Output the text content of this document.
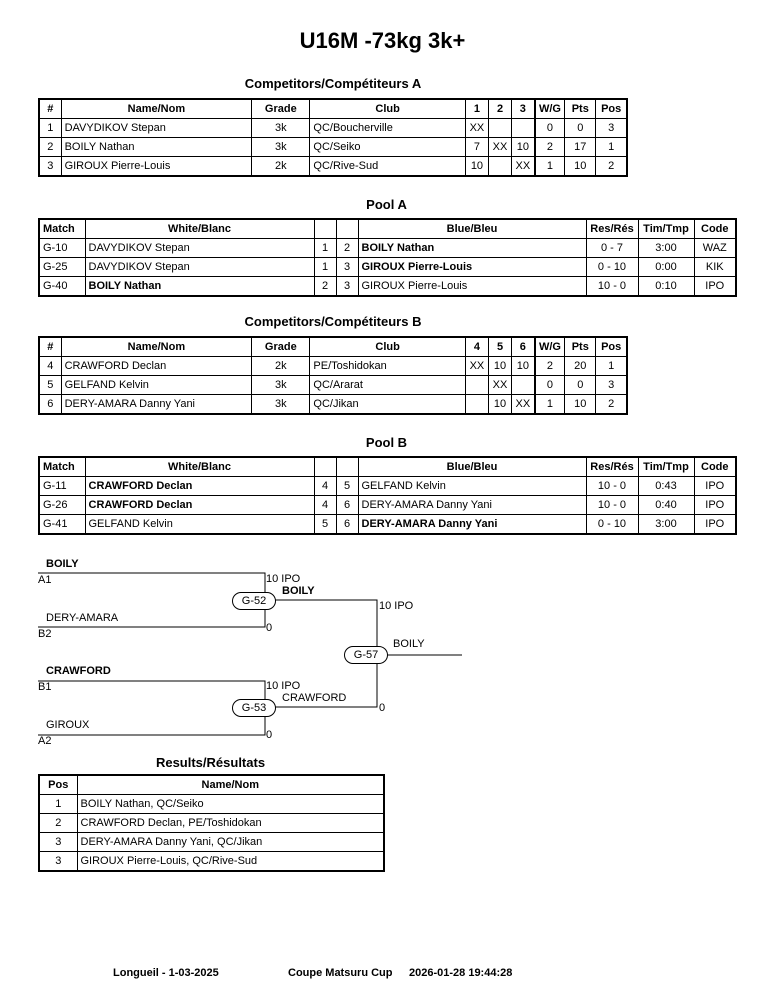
U16M -73kg 3k+
Competitors/Compétiteurs A
#	Name/Nom	Grade	Club	1	2	3	W/G	Pts	Pos
1	DAVYDIKOV Stepan	3k	QC/Boucherville	XX			0	0	3
2	BOILY Nathan	3k	QC/Seiko	7	XX	10	2	17	1
3	GIROUX Pierre-Louis	2k	QC/Rive-Sud	10		XX	1	10	2
Pool A
Match	White/Blanc			Blue/Bleu	Res/Rés	Tim/Tmp	Code
G-10	DAVYDIKOV Stepan	1	2	BOILY Nathan	0 - 7	3:00	WAZ
G-25	DAVYDIKOV Stepan	1	3	GIROUX Pierre-Louis	0 - 10	0:00	KIK
G-40	BOILY Nathan	2	3	GIROUX Pierre-Louis	10 - 0	0:10	IPO
Competitors/Compétiteurs B
#	Name/Nom	Grade	Club	4	5	6	W/G	Pts	Pos
4	CRAWFORD Declan	2k	PE/Toshidokan	XX	10	10	2	20	1
5	GELFAND Kelvin	3k	QC/Ararat		XX		0	0	3
6	DERY-AMARA Danny Yani	3k	QC/Jikan		10	XX	1	10	2
Pool B
Match	White/Blanc			Blue/Bleu	Res/Rés	Tim/Tmp	Code
G-11	CRAWFORD Declan	4	5	GELFAND Kelvin	10 - 0	0:43	IPO
G-26	CRAWFORD Declan	4	6	DERY-AMARA Danny Yani	10 - 0	0:40	IPO
G-41	GELFAND Kelvin	5	6	DERY-AMARA Danny Yani	0 - 10	3:00	IPO
BOILY
A1	10 IPO
BOILY
G-52
DERY-AMARA
B2	0
10 IPO
G-57
BOILY
0
CRAWFORD
B1	10 IPO
CRAWFORD
G-53
GIROUX
A2	0
Results/Résultats
Pos	Name/Nom
1	BOILY Nathan, QC/Seiko
2	CRAWFORD Declan, PE/Toshidokan
3	DERY-AMARA Danny Yani, QC/Jikan
3	GIROUX Pierre-Louis, QC/Rive-Sud
Longueil - 1-03-2025	Coupe Matsuru Cup 2026-01-28 19:44:28
